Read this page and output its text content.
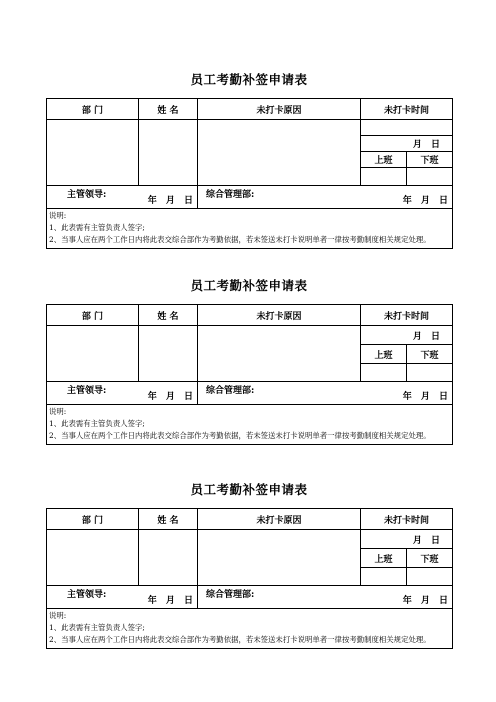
员工考勤补签申请表
部 门	姓 名	未打卡原因	未打卡时间	

			月 日	
			上班	下班

主管领导:
年 月 日		综合管理部:
年 月 日		

说明:
1、此表需有主管负责人签字;
2、当事人应在两个工作日内将此表交综合部作为考勤依据，若未签送未打卡说明单者一律按考勤制度相关规定处理。				
员工考勤补签申请表
部 门	姓 名	未打卡原因	未打卡时间	
			月 日	
			上班	下班

主管领导:
年 月 日		综合管理部:
年 月 日		

说明:
1、此表需有主管负责人签字;
2、当事人应在两个工作日内将此表交综合部作为考勤依据，若未签送未打卡说明单者一律按考勤制度相关规定处理。				
员工考勤补签申请表
部 门	姓 名	未打卡原因	未打卡时间	
			月 日	
			上班	下班

主管领导:
年 月 日		综合管理部:
年 月 日		

说明:
1、此表需有主管负责人签字;
2、当事人应在两个工作日内将此表交综合部作为考勤依据，若未签送未打卡说明单者一律按考勤制度相关规定处理。				
